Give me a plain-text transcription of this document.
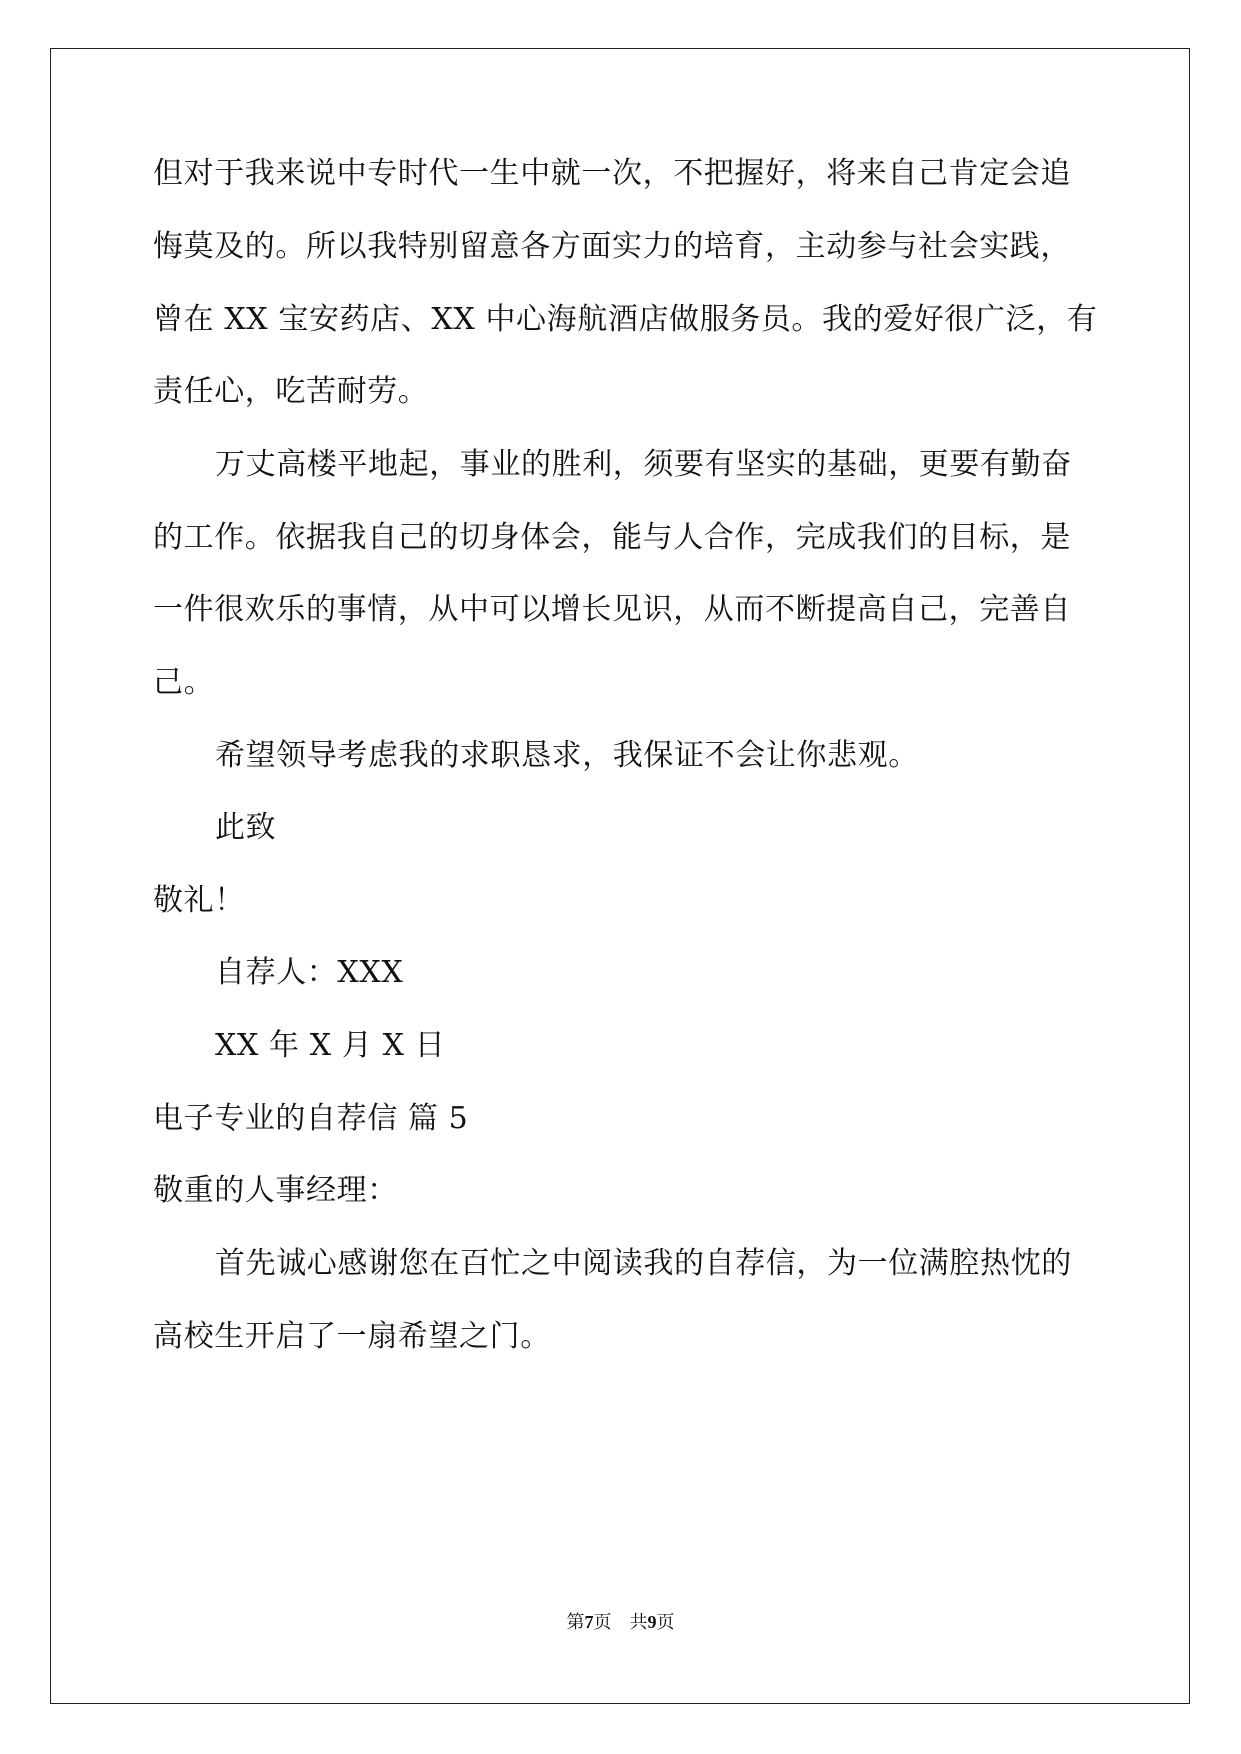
但对于我来说中专时代一生中就一次，不把握好，将来自己肯定会追
悔莫及的。所以我特别留意各方面实力的培育，主动参与社会实践，
曾在 XX 宝安药店、XX 中心海航酒店做服务员。我的爱好很广泛，有
责任心，吃苦耐劳。
万丈高楼平地起，事业的胜利，须要有坚实的基础，更要有勤奋
的工作。依据我自己的切身体会，能与人合作，完成我们的目标，是
一件很欢乐的事情，从中可以增长见识，从而不断提高自己，完善自
己。
希望领导考虑我的求职恳求，我保证不会让你悲观。
此致
敬礼！
自荐人：XXX
XX 年 X 月 X 日
电子专业的自荐信 篇 5
敬重的人事经理：
首先诚心感谢您在百忙之中阅读我的自荐信，为一位满腔热忱的
高校生开启了一扇希望之门。
第7页 共9页
